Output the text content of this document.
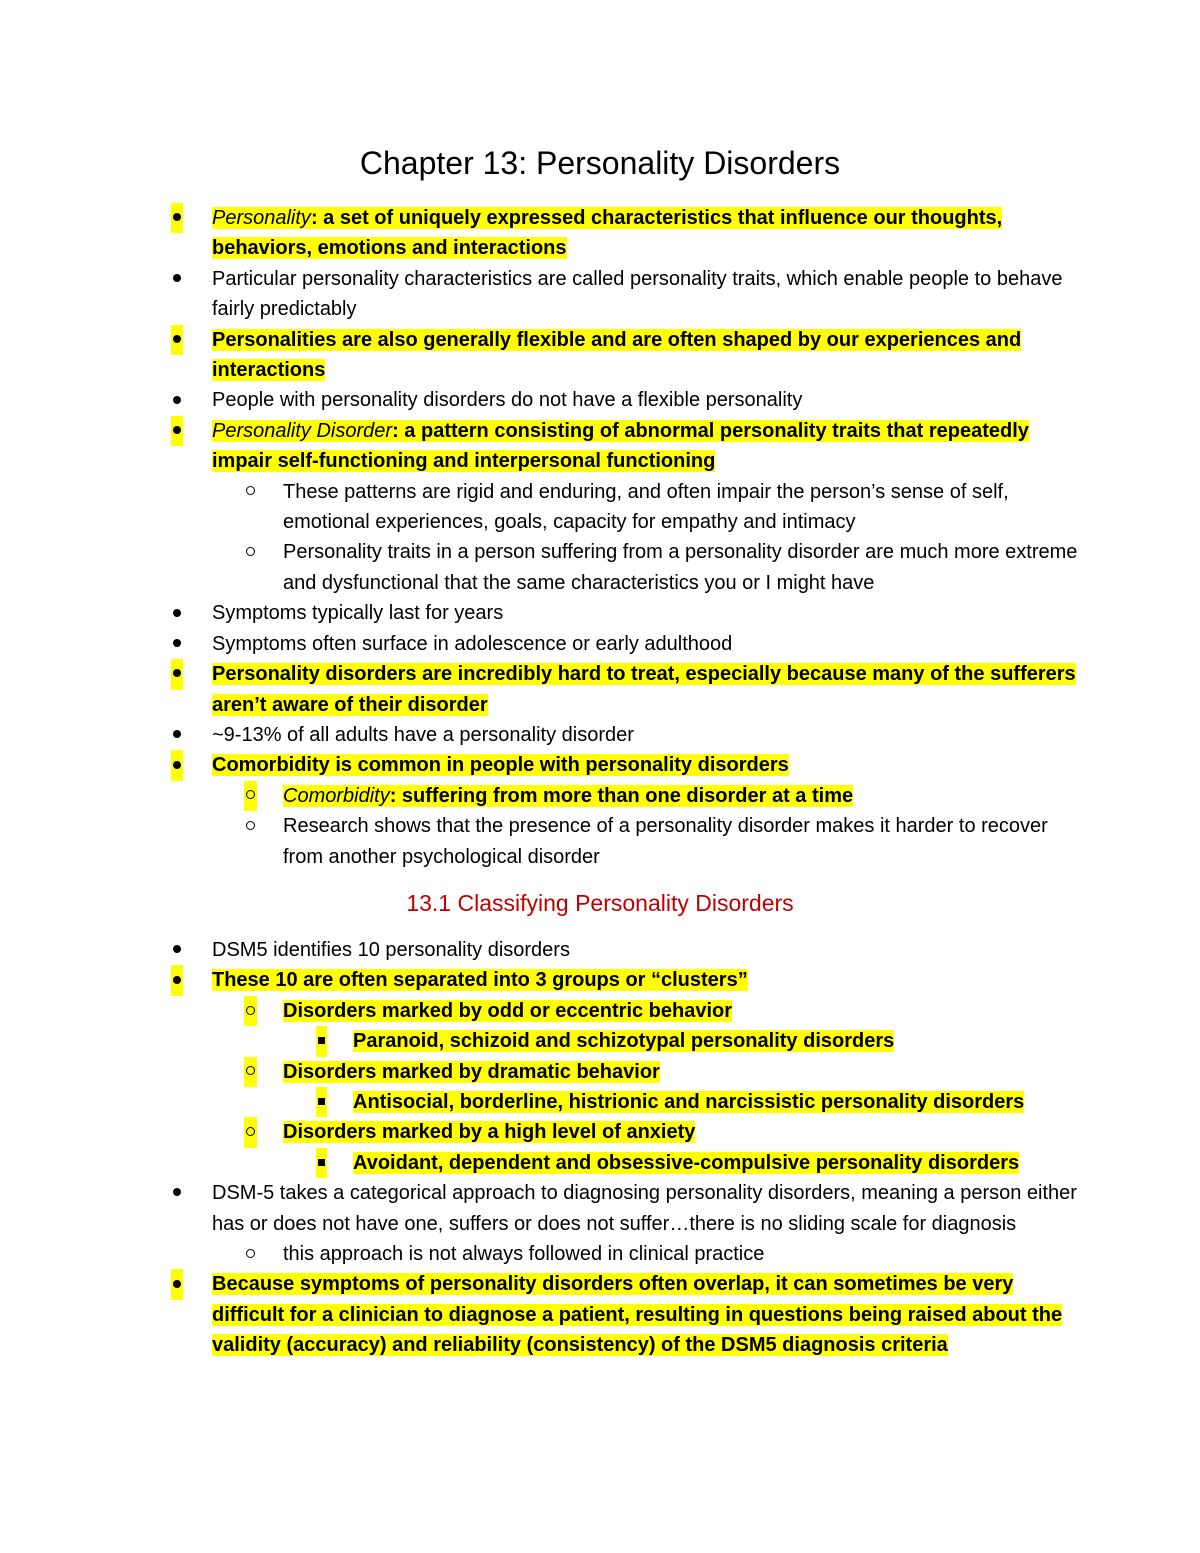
Chapter 13: Personality Disorders
Personality: a set of uniquely expressed characteristics that influence our thoughts, behaviors, emotions and interactions
Particular personality characteristics are called personality traits, which enable people to behave fairly predictably
Personalities are also generally flexible and are often shaped by our experiences and interactions
People with personality disorders do not have a flexible personality
Personality Disorder: a pattern consisting of abnormal personality traits that repeatedly impair self-functioning and interpersonal functioning
These patterns are rigid and enduring, and often impair the person’s sense of self, emotional experiences, goals, capacity for empathy and intimacy
Personality traits in a person suffering from a personality disorder are much more extreme and dysfunctional that the same characteristics you or I might have
Symptoms typically last for years
Symptoms often surface in adolescence or early adulthood
Personality disorders are incredibly hard to treat, especially because many of the sufferers aren’t aware of their disorder
~9-13% of all adults have a personality disorder
Comorbidity is common in people with personality disorders
Comorbidity: suffering from more than one disorder at a time
Research shows that the presence of a personality disorder makes it harder to recover from another psychological disorder
13.1 Classifying Personality Disorders
DSM5 identifies 10 personality disorders
These 10 are often separated into 3 groups or “clusters”
Disorders marked by odd or eccentric behavior
Paranoid, schizoid and schizotypal personality disorders
Disorders marked by dramatic behavior
Antisocial, borderline, histrionic and narcissistic personality disorders
Disorders marked by a high level of anxiety
Avoidant, dependent and obsessive-compulsive personality disorders
DSM-5 takes a categorical approach to diagnosing personality disorders, meaning a person either has or does not have one, suffers or does not suffer…there is no sliding scale for diagnosis
this approach is not always followed in clinical practice
Because symptoms of personality disorders often overlap, it can sometimes be very difficult for a clinician to diagnose a patient, resulting in questions being raised about the validity (accuracy) and reliability (consistency) of the DSM5 diagnosis criteria
